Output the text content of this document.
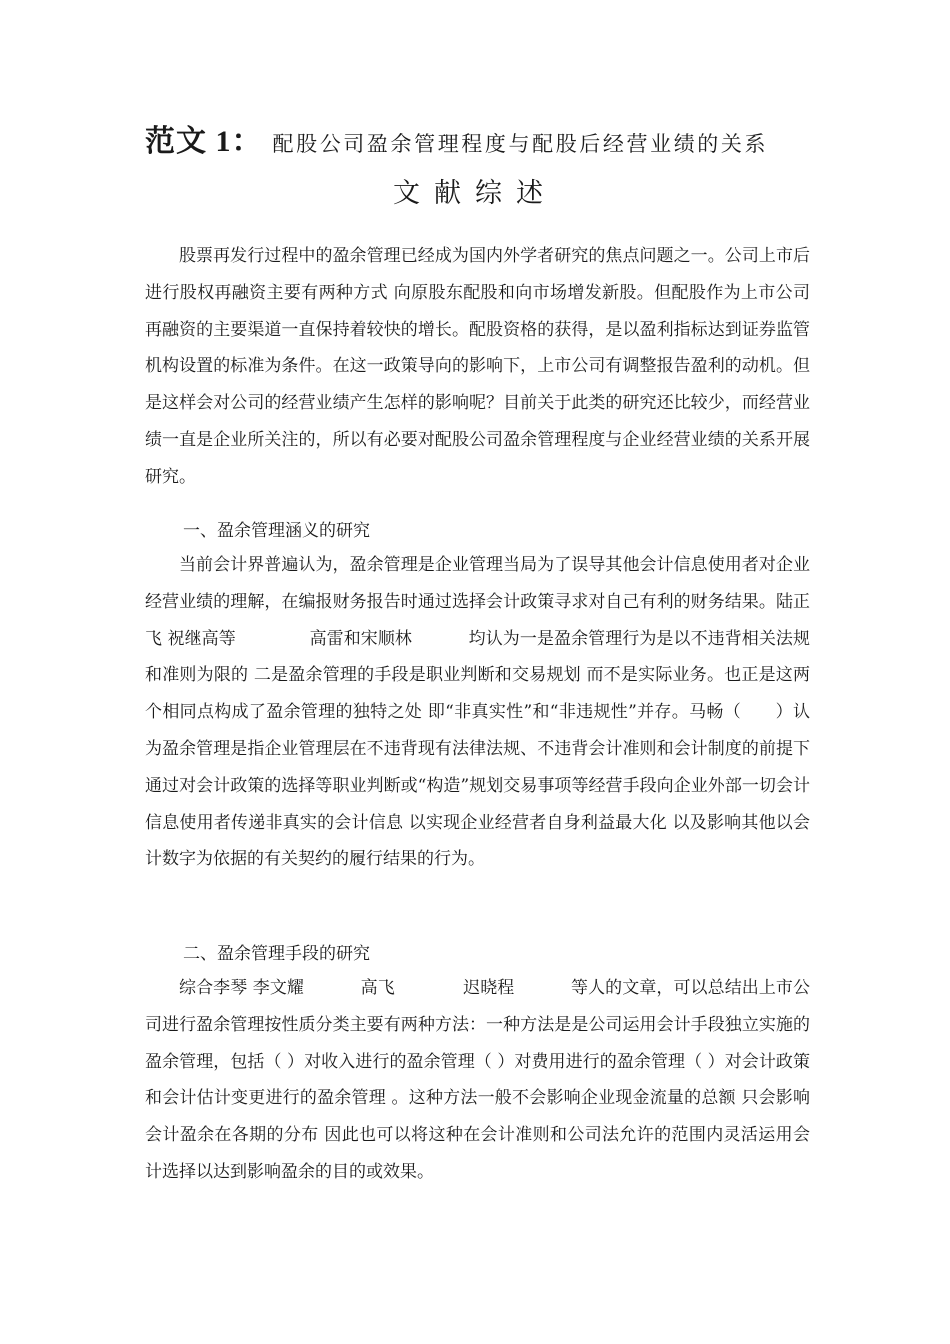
范文 1： 配股公司盈余管理程度与配股后经营业绩的关系
文献综述

股票再发行过程中的盈余管理已经成为国内外学者研究的焦点问题之一。公司上市后进行股权再融资主要有两种方式 向原股东配股和向市场增发新股。但配股作为上市公司再融资的主要渠道一直保持着较快的增长。配股资格的获得，是以盈利指标达到证券监管机构设置的标准为条件。在这一政策导向的影响下，上市公司有调整报告盈利的动机。但是这样会对公司的经营业绩产生怎样的影响呢？目前关于此类的研究还比较少，而经营业绩一直是企业所关注的，所以有必要对配股公司盈余管理程度与企业经营业绩的关系开展研究。

一、盈余管理涵义的研究

当前会计界普遍认为，盈余管理是企业管理当局为了误导其他会计信息使用者对企业经营业绩的理解，在编报财务报告时通过选择会计政策寻求对自己有利的财务结果。陆正飞 祝继高等　　　　 高雷和宋顺林　　　 均认为一是盈余管理行为是以不违背相关法规和准则为限的 二是盈余管理的手段是职业判断和交易规划 而不是实际业务。也正是这两个相同点构成了盈余管理的独特之处 即“非真实性”和“非违规性”并存。马畅（　　）认为盈余管理是指企业管理层在不违背现有法律法规、不违背会计准则和会计制度的前提下 通过对会计政策的选择等职业判断或“构造”规划交易事项等经营手段向企业外部一切会计信息使用者传递非真实的会计信息 以实现企业经营者自身利益最大化 以及影响其他以会计数字为依据的有关契约的履行结果的行为。

二、盈余管理手段的研究

综合李琴 李文耀　　　 高飞　　　　迟晓程　　　 等人的文章，可以总结出上市公司进行盈余管理按性质分类主要有两种方法：一种方法是是公司运用会计手段独立实施的盈余管理，包括（ ）对收入进行的盈余管理（ ）对费用进行的盈余管理（ ）对会计政策和会计估计变更进行的盈余管理 。这种方法一般不会影响企业现金流量的总额 只会影响会计盈余在各期的分布 因此也可以将这种在会计准则和公司法允许的范围内灵活运用会计选择以达到影响盈余的目的或效果。
